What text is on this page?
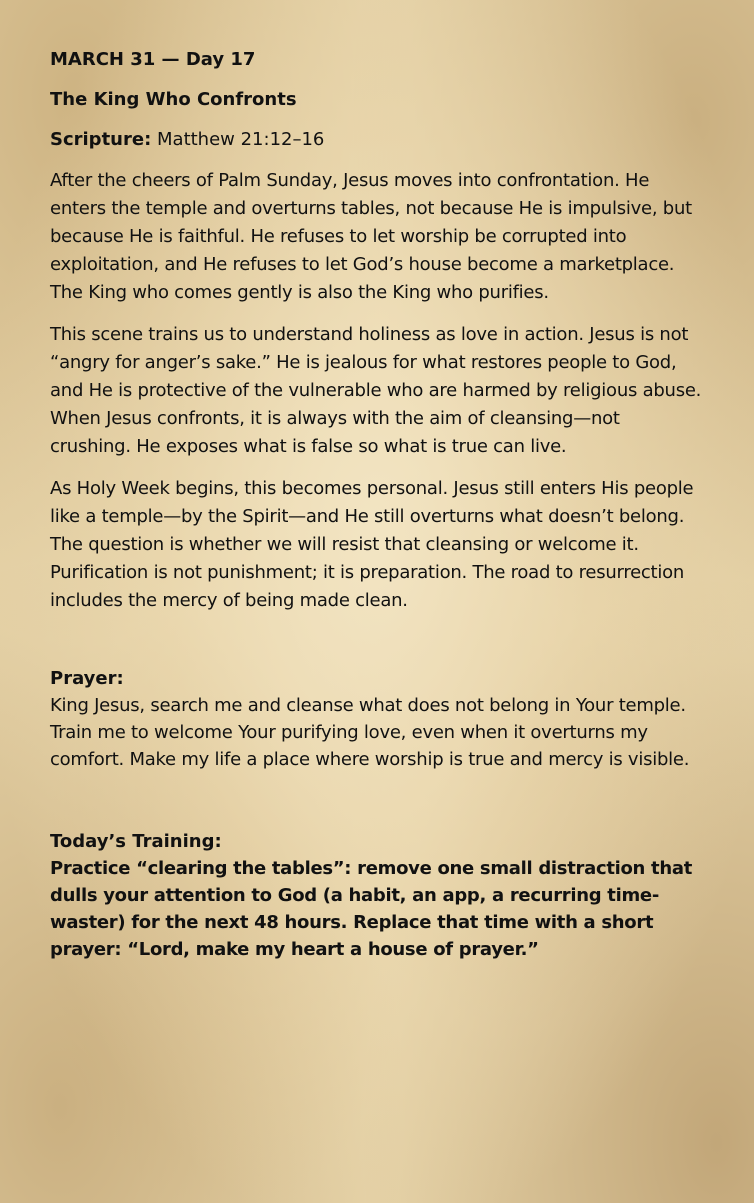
MARCH 31 — Day 17
The King Who Confronts
Scripture: Matthew 21:12–16

After the cheers of Palm Sunday, Jesus moves into confrontation. He enters the temple and overturns tables, not because He is impulsive, but because He is faithful. He refuses to let worship be corrupted into exploitation, and He refuses to let God’s house become a marketplace. The King who comes gently is also the King who purifies.

This scene trains us to understand holiness as love in action. Jesus is not “angry for anger’s sake.” He is jealous for what restores people to God, and He is protective of the vulnerable who are harmed by religious abuse. When Jesus confronts, it is always with the aim of cleansing—not crushing. He exposes what is false so what is true can live.

As Holy Week begins, this becomes personal. Jesus still enters His people like a temple—by the Spirit—and He still overturns what doesn’t belong. The question is whether we will resist that cleansing or welcome it. Purification is not punishment; it is preparation. The road to resurrection includes the mercy of being made clean.

Prayer:

King Jesus, search me and cleanse what does not belong in Your temple. Train me to welcome Your purifying love, even when it overturns my comfort. Make my life a place where worship is true and mercy is visible.

Today’s Training:

Practice “clearing the tables”: remove one small distraction that dulls your attention to God (a habit, an app, a recurring time-waster) for the next 48 hours. Replace that time with a short prayer: “Lord, make my heart a house of prayer.”
